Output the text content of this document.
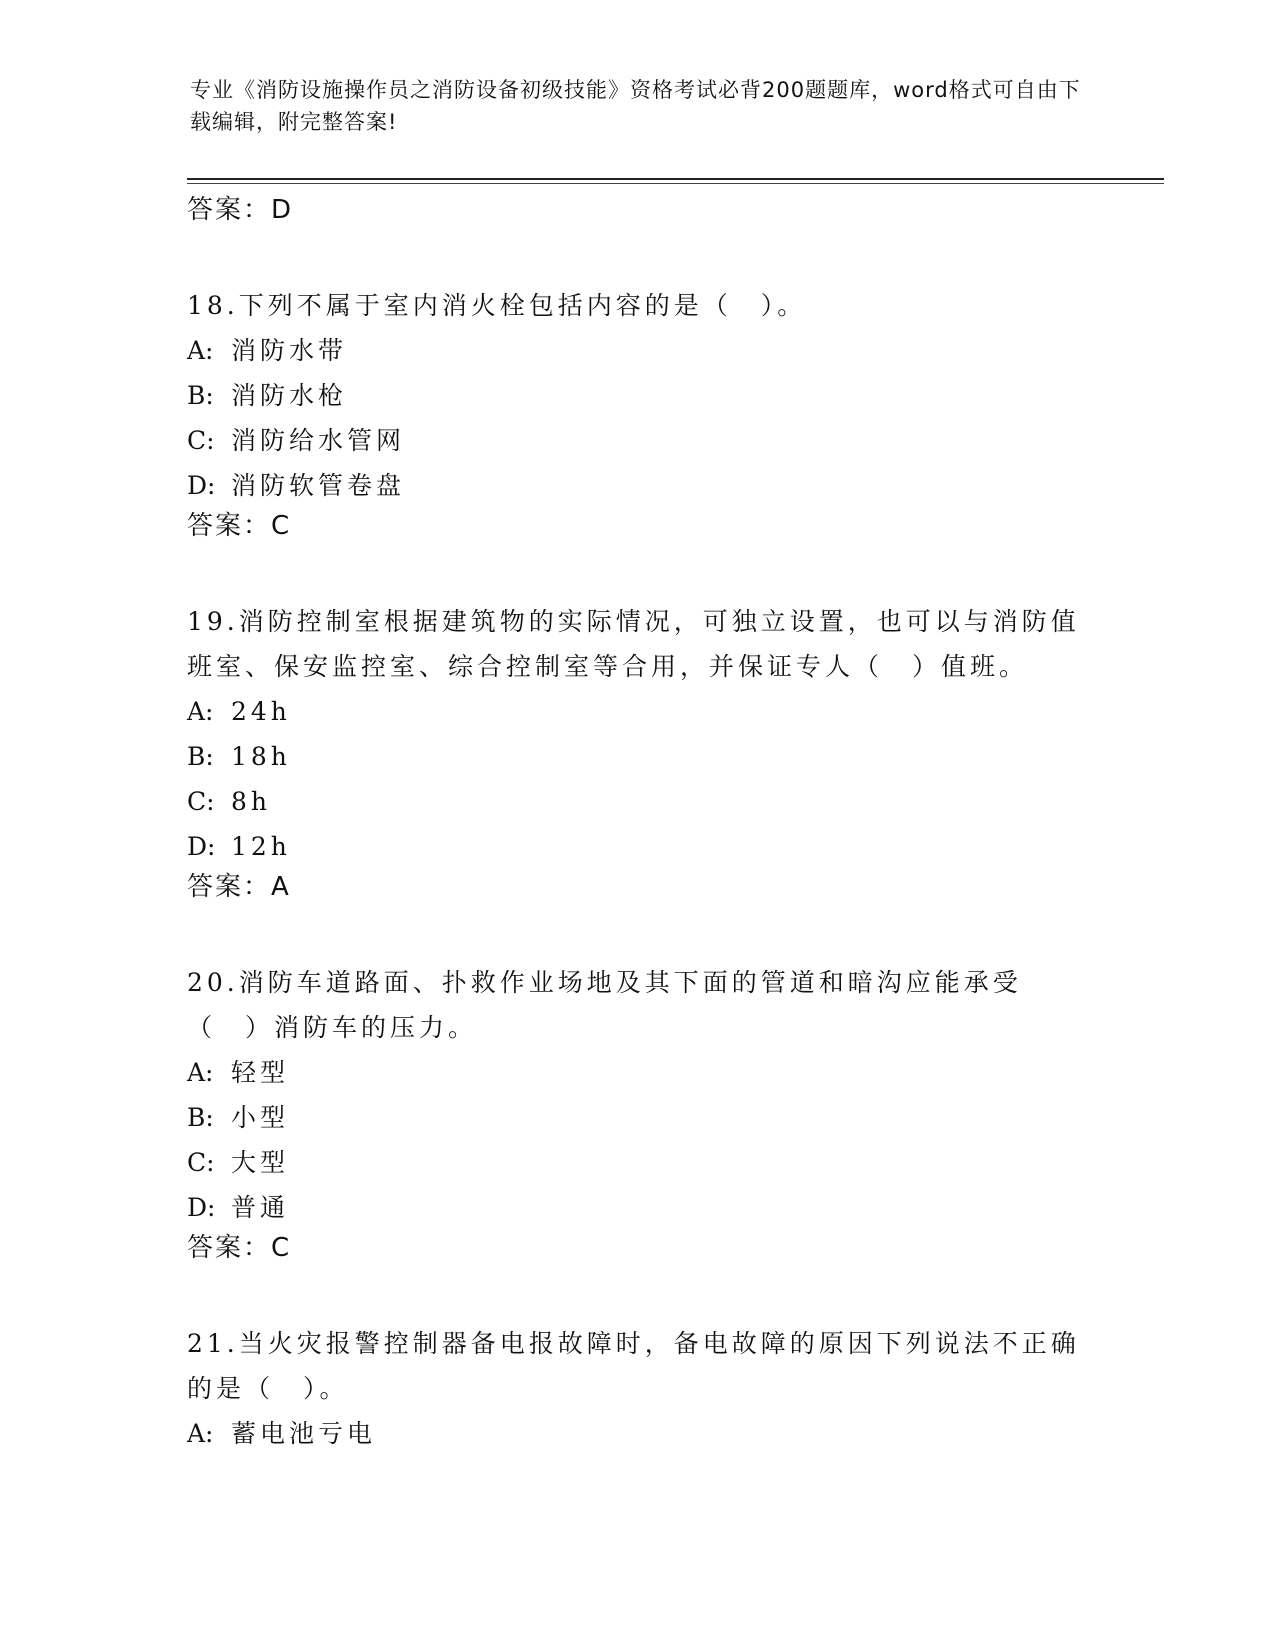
专业《消防设施操作员之消防设备初级技能》资格考试必背200题题库，word格式可自由下载编辑，附完整答案!
答案：D
18.下列不属于室内消火栓包括内容的是（　）。
A: 消防水带
B: 消防水枪
C: 消防给水管网
D: 消防软管卷盘
答案：C
19.消防控制室根据建筑物的实际情况，可独立设置，也可以与消防值班室、保安监控室、综合控制室等合用，并保证专人（　）值班。
A: 24h
B: 18h
C: 8h
D: 12h
答案：A
20.消防车道路面、扑救作业场地及其下面的管道和暗沟应能承受（　）消防车的压力。
A: 轻型
B: 小型
C: 大型
D: 普通
答案：C
21.当火灾报警控制器备电报故障时，备电故障的原因下列说法不正确的是（　）。
A: 蓄电池亏电
